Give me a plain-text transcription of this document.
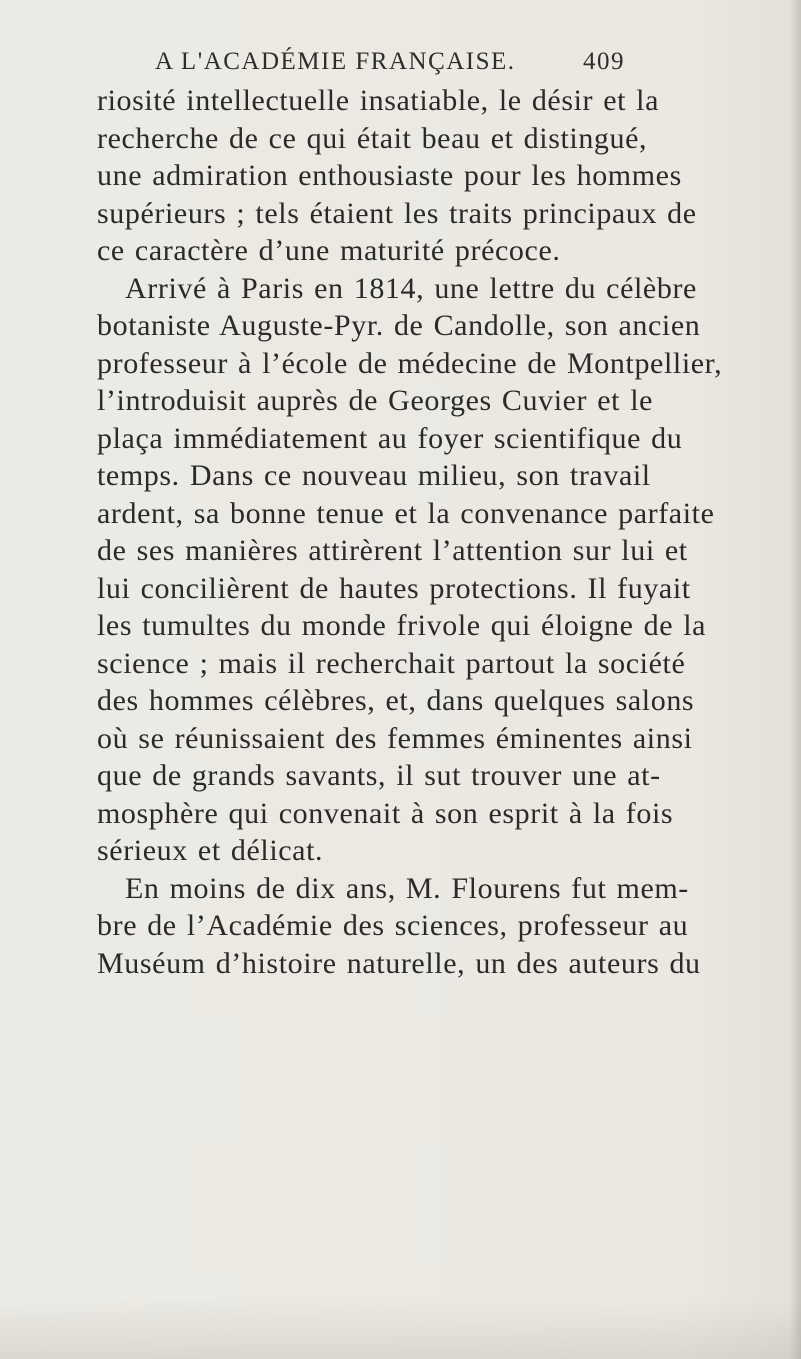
A L'ACADÉMIE FRANÇAISE.	409
riosité intellectuelle insatiable, le désir et la
recherche de ce qui était beau et distingué,
une admiration enthousiaste pour les hommes
supérieurs ; tels étaient les traits principaux de
ce caractère d’une maturité précoce.
Arrivé à Paris en 1814, une lettre du célèbre
botaniste Auguste-Pyr. de Candolle, son ancien
professeur à l’école de médecine de Montpellier,
l’introduisit auprès de Georges Cuvier et le
plaça immédiatement au foyer scientifique du
temps. Dans ce nouveau milieu, son travail
ardent, sa bonne tenue et la convenance parfaite
de ses manières attirèrent l’attention sur lui et
lui concilièrent de hautes protections. Il fuyait
les tumultes du monde frivole qui éloigne de la
science ; mais il recherchait partout la société
des hommes célèbres, et, dans quelques salons
où se réunissaient des femmes éminentes ainsi
que de grands savants, il sut trouver une at-
mosphère qui convenait à son esprit à la fois
sérieux et délicat.
En moins de dix ans, M. Flourens fut mem-
bre de l’Académie des sciences, professeur au
Muséum d’histoire naturelle, un des auteurs du
